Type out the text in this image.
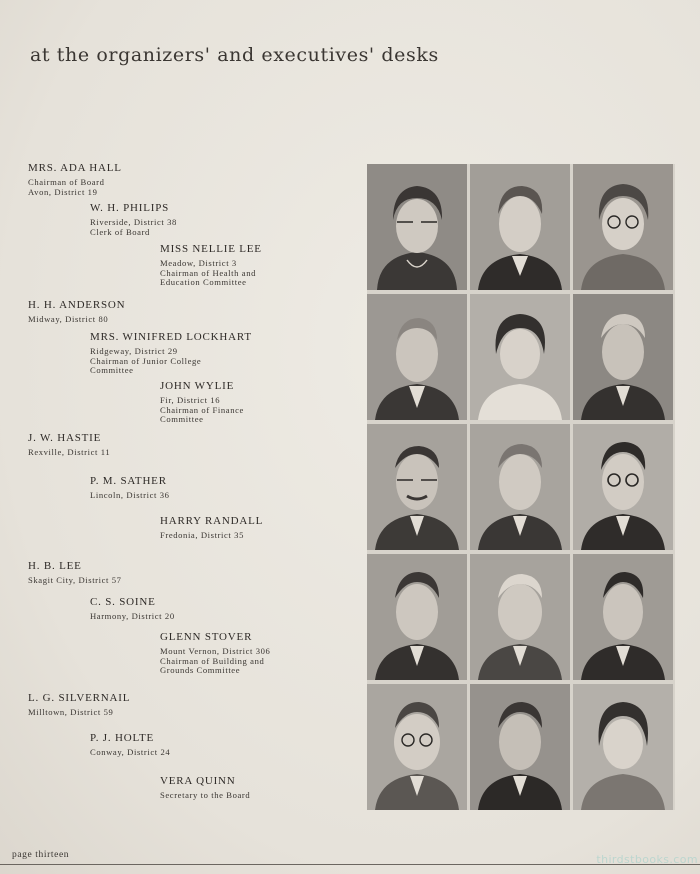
at the organizers' and executives' desks
MRS. ADA HALL
Chairman of Board
Avon, District 19
W. H. PHILIPS
Riverside, District 38
Clerk of Board
MISS NELLIE LEE
Meadow, District 3
Chairman of Health and
Education Committee
H. H. ANDERSON
Midway, District 80
MRS. WINIFRED LOCKHART
Ridgeway, District 29
Chairman of Junior College
Committee
JOHN WYLIE
Fir, District 16
Chairman of Finance
Committee
J. W. HASTIE
Rexville, District 11
P. M. SATHER
Lincoln, District 36
HARRY RANDALL
Fredonia, District 35
H. B. LEE
Skagit City, District 57
C. S. SOINE
Harmony, District 20
GLENN STOVER
Mount Vernon, District 306
Chairman of Building and
Grounds Committee
L. G. SILVERNAIL
Milltown, District 59
P. J. HOLTE
Conway, District 24
VERA QUINN
Secretary to the Board
page thirteen	thirdstbooks.com
